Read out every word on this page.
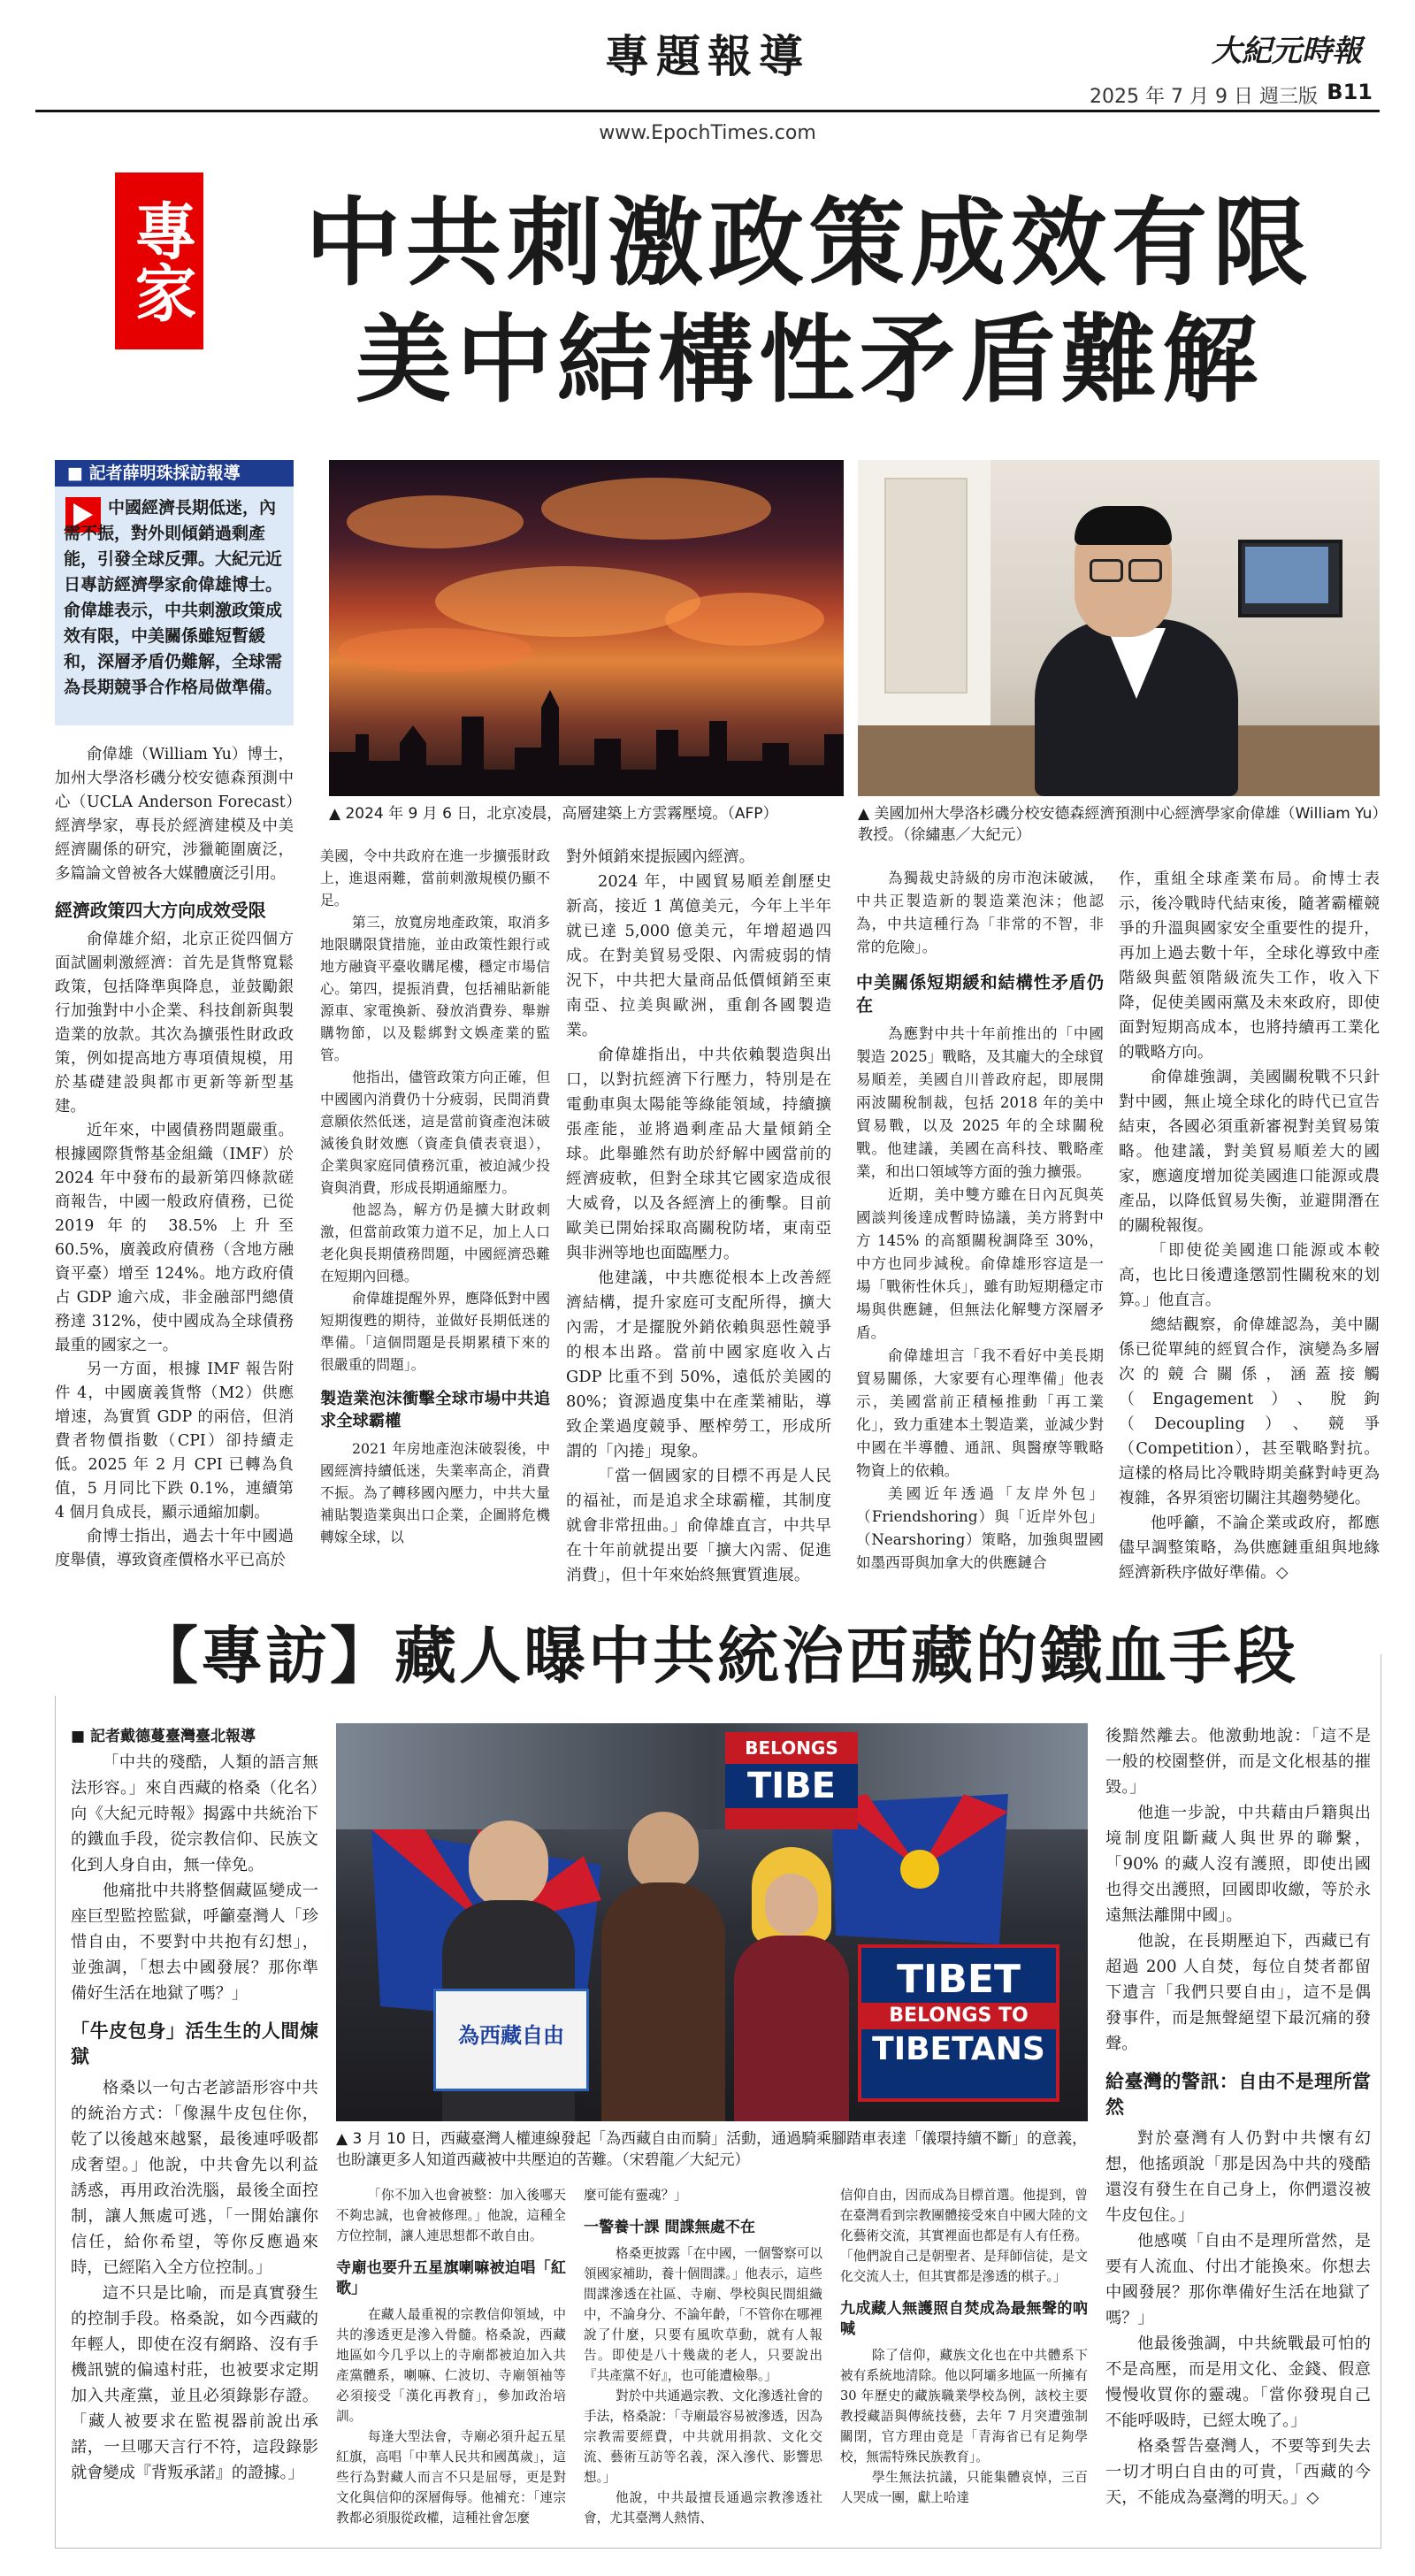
大紀元時報
專題報導
www.EpochTimes.com
2025 年 7 月 9 日 週三版 B11
專家	中共刺激政策成效有限
美中結構性矛盾難解
■ 記者薛明珠採訪報導
中國經濟長期低迷，內需不振，對外則傾銷過剩產能，引發全球反彈。大紀元近日專訪經濟學家俞偉雄博士。俞偉雄表示，中共刺激政策成效有限，中美關係雖短暫緩和，深層矛盾仍難解，全球需為長期競爭合作格局做準備。
▲ 2024 年 9 月 6 日，北京凌晨，高層建築上方雲霧壓境。（AFP）	▲ 美國加州大學洛杉磯分校安德森經濟預測中心經濟學家俞偉雄（William Yu）教授。（徐繡惠／大紀元）

俞偉雄（William Yu）博士，加州大學洛杉磯分校安德森預測中心（UCLA Anderson Forecast）經濟學家，專長於經濟建模及中美經濟關係的研究，涉獵範圍廣泛，多篇論文曾被各大媒體廣泛引用。

經濟政策四大方向成效受限

俞偉雄介紹，北京正從四個方面試圖刺激經濟：首先是貨幣寬鬆政策，包括降準與降息，並鼓勵銀行加強對中小企業、科技創新與製造業的放款。其次為擴張性財政政策，例如提高地方專項債規模，用於基礎建設與都市更新等新型基建。

近年來，中國債務問題嚴重。根據國際貨幣基金組織（IMF）於 2024 年中發布的最新第四條款磋商報告，中國一般政府債務，已從 2019 年的 38.5% 上升至 60.5%，廣義政府債務（含地方融資平臺）增至 124%。地方政府債占 GDP 逾六成，非金融部門總債務達 312%，使中國成為全球債務最重的國家之一。

另一方面，根據 IMF 報告附件 4，中國廣義貨幣（M2）供應增速，為實質 GDP 的兩倍，但消費者物價指數（CPI）卻持續走低。2025 年 2 月 CPI 已轉為負值，5 月同比下跌 0.1%，連續第 4 個月負成長，顯示通縮加劇。

俞博士指出，過去十年中國過度舉債，導致資產價格水平已高於

美國，令中共政府在進一步擴張財政上，進退兩難，當前刺激規模仍顯不足。

第三，放寬房地產政策，取消多地限購限貸措施，並由政策性銀行或地方融資平臺收購尾樓，穩定市場信心。第四，提振消費，包括補貼新能源車、家電換新、發放消費券、舉辦購物節，以及鬆綁對文娛產業的監管。

他指出，儘管政策方向正確，但中國國內消費仍十分疲弱，民間消費意願依然低迷，這是當前資產泡沫破滅後負財效應（資產負債表衰退），企業與家庭同債務沉重，被迫減少投資與消費，形成長期通縮壓力。

他認為，解方仍是擴大財政刺激，但當前政策力道不足，加上人口老化與長期債務問題，中國經濟恐難在短期內回穩。

俞偉雄提醒外界，應降低對中國短期復甦的期待，並做好長期低迷的準備。「這個問題是長期累積下來的很嚴重的問題」。

製造業泡沫衝擊全球市場中共追求全球霸權

2021 年房地產泡沫破裂後，中國經濟持續低迷，失業率高企，消費不振。為了轉移國內壓力，中共大量補貼製造業與出口企業，企圖將危機轉嫁全球，以

對外傾銷來提振國內經濟。

2024 年，中國貿易順差創歷史新高，接近 1 萬億美元，今年上半年就已達 5,000 億美元，年增超過四成。在對美貿易受限、內需疲弱的情況下，中共把大量商品低價傾銷至東南亞、拉美與歐洲，重創各國製造業。

俞偉雄指出，中共依賴製造與出口，以對抗經濟下行壓力，特別是在電動車與太陽能等綠能領域，持續擴張產能，並將過剩產品大量傾銷全球。此舉雖然有助於紓解中國當前的經濟疲軟，但對全球其它國家造成很大威脅，以及各經濟上的衝擊。目前歐美已開始採取高關稅防堵，東南亞與非洲等地也面臨壓力。

他建議，中共應從根本上改善經濟結構，提升家庭可支配所得，擴大內需，才是擺脫外銷依賴與惡性競爭的根本出路。當前中國家庭收入占 GDP 比重不到 50%，遠低於美國的 80%；資源過度集中在產業補貼，導致企業過度競爭、壓榨勞工，形成所謂的「內捲」現象。

「當一個國家的目標不再是人民的福祉，而是追求全球霸權，其制度就會非常扭曲。」俞偉雄直言，中共早在十年前就提出要「擴大內需、促進消費」，但十年來始終無實質進展。

為獨裁史詩級的房市泡沫破滅，中共正製造新的製造業泡沫；他認為，中共這種行為「非常的不智，非常的危險」。

中美關係短期緩和結構性矛盾仍在

為應對中共十年前推出的「中國製造 2025」戰略，及其龐大的全球貿易順差，美國自川普政府起，即展開兩波關稅制裁，包括 2018 年的美中貿易戰，以及 2025 年的全球關稅戰。他建議，美國在高科技、戰略產業，和出口領域等方面的強力擴張。

近期，美中雙方雖在日內瓦與英國談判後達成暫時協議，美方將對中方 145% 的高額關稅調降至 30%，中方也同步減稅。俞偉雄形容這是一場「戰術性休兵」，雖有助短期穩定市場與供應鏈，但無法化解雙方深層矛盾。

俞偉雄坦言「我不看好中美長期貿易關係，大家要有心理準備」他表示，美國當前正積極推動「再工業化」，致力重建本土製造業，並減少對中國在半導體、通訊、與醫療等戰略物資上的依賴。

美國近年透過「友岸外包」（Friendshoring）與「近岸外包」（Nearshoring）策略，加強與盟國如墨西哥與加拿大的供應鏈合

作，重組全球產業布局。俞博士表示，後冷戰時代結束後，隨著霸權競爭的升溫與國家安全重要性的提升，再加上過去數十年，全球化導致中產階級與藍領階級流失工作，收入下降，促使美國兩黨及未來政府，即使面對短期高成本，也將持續再工業化的戰略方向。

俞偉雄強調，美國關稅戰不只針對中國，無止境全球化的時代已宣告結束，各國必須重新審視對美貿易策略。他建議，對美貿易順差大的國家，應適度增加從美國進口能源或農產品，以降低貿易失衡，並避開潛在的關稅報復。

「即使從美國進口能源或本較高，也比日後遭逢懲罰性關稅來的划算。」他直言。

總結觀察，俞偉雄認為，美中關係已從單純的經貿合作，演變為多層次的競合關係，涵蓋接觸（Engagement）、脫鉤（Decoupling）、競爭（Competition），甚至戰略對抗。這樣的格局比冷戰時期美蘇對峙更為複雜，各界須密切關注其趨勢變化。

他呼籲，不論企業或政府，都應儘早調整策略，為供應鏈重組與地緣經濟新秩序做好準備。◇

【專訪】藏人曝中共統治西藏的鐵血手段
■ 記者戴德蔓臺灣臺北報導
為西藏自由
TIBET
BELONGS TO
TIBETANS
BELONGS
TIBE
▲ 3 月 10 日，西藏臺灣人權連線發起「為西藏自由而騎」活動，通過騎乘腳踏車表達「儀環持續不斷」的意義，也盼讓更多人知道西藏被中共壓迫的苦難。（宋碧龍／大紀元）

「中共的殘酷，人類的語言無法形容。」來自西藏的格桑（化名）向《大紀元時報》揭露中共統治下的鐵血手段，從宗教信仰、民族文化到人身自由，無一倖免。

他痛批中共將整個藏區變成一座巨型監控監獄，呼籲臺灣人「珍惜自由，不要對中共抱有幻想」，並強調，「想去中國發展？那你準備好生活在地獄了嗎？」

「牛皮包身」活生生的人間煉獄

格桑以一句古老諺語形容中共的統治方式：「像濕牛皮包住你，乾了以後越來越緊，最後連呼吸都成奢望。」他說，中共會先以利益誘惑，再用政治洗腦，最後全面控制，讓人無處可逃，「一開始讓你信任，給你希望，等你反應過來時，已經陷入全方位控制。」

這不只是比喻，而是真實發生的控制手段。格桑說，如今西藏的年輕人，即使在沒有網路、沒有手機訊號的偏遠村莊，也被要求定期加入共產黨，並且必須錄影存證。「藏人被要求在監視器前說出承諾，一旦哪天言行不符，這段錄影就會變成『背叛承諾』的證據。」

「你不加入也會被整：加入後哪天不夠忠誠，也會被修理。」他說，這種全方位控制，讓人連思想都不敢自由。

寺廟也要升五星旗喇嘛被迫唱「紅歌」

在藏人最重視的宗教信仰領域，中共的滲透更是滲入骨髓。格桑說，西藏地區如今几乎以上的寺廟都被迫加入共產黨體系，喇嘛、仁波切、寺廟領袖等必須接受「漢化再教育」，參加政治培訓。

每逢大型法會，寺廟必須升起五星紅旗，高唱「中華人民共和國萬歲」，這些行為對藏人而言不只是屈辱，更是對文化與信仰的深層侮辱。他補充：「連宗教都必須服從政權，這種社會怎麼

麼可能有靈魂？」

一警養十課 間諜無處不在

格桑更披露「在中國，一個警察可以領國家補助，養十個間諜。」他表示，這些間諜滲透在社區、寺廟、學校與民間組織中，不論身分、不論年齡，「不管你在哪裡說了什麼，只要有風吹草動，就有人報告。即使是八十幾歲的老人，只要說出『共產黨不好』，也可能遭檢舉。」

對於中共通過宗教、文化滲透社會的手法，格桑說：「寺廟最容易被滲透，因為宗教需要經費，中共就用捐款、文化交流、藝術互訪等名義，深入滲代、影響思想。」

他說，中共最擅長通過宗教滲透社會，尤其臺灣人熱情、

信仰自由，因而成為目標首選。他提到，曾在臺灣看到宗教團體接受來自中國大陸的文化藝術交流，其實裡面也都是有人有任務。「他們說自己是朝聖者、是拜師信徒，是文化交流人士，但其實都是滲透的棋子。」

九成藏人無護照自焚成為最無聲的吶喊

除了信仰，藏族文化也在中共體系下被有系統地清除。他以阿壩多地區一所擁有 30 年歷史的藏族職業學校為例，該校主要教授藏語與傳統技藝，去年 7 月突遭強制關閉，官方理由竟是「青海省已有足夠學校，無需特殊民族教育」。

學生無法抗議，只能集體哀悼，三百人哭成一團，獻上哈達

後黯然離去。他激動地說：「這不是一般的校園整併，而是文化根基的摧毀。」

他進一步說，中共藉由戶籍與出境制度阻斷藏人與世界的聯繫，「90% 的藏人沒有護照，即使出國也得交出護照，回國即收繳，等於永遠無法離開中國」。

他說，在長期壓迫下，西藏已有超過 200 人自焚，每位自焚者都留下遺言「我們只要自由」，這不是偶發事件，而是無聲絕望下最沉痛的發聲。

給臺灣的警訊：自由不是理所當然

對於臺灣有人仍對中共懷有幻想，他搖頭說「那是因為中共的殘酷還沒有發生在自己身上，你們還沒被牛皮包住。」

他感嘆「自由不是理所當然，是要有人流血、付出才能換來。你想去中國發展？那你準備好生活在地獄了嗎？」

他最後強調，中共統戰最可怕的不是高壓，而是用文化、金錢、假意慢慢收買你的靈魂。「當你發現自己不能呼吸時，已經太晚了。」

格桑誓告臺灣人，不要等到失去一切才明白自由的可貴，「西藏的今天，不能成為臺灣的明天。」◇
